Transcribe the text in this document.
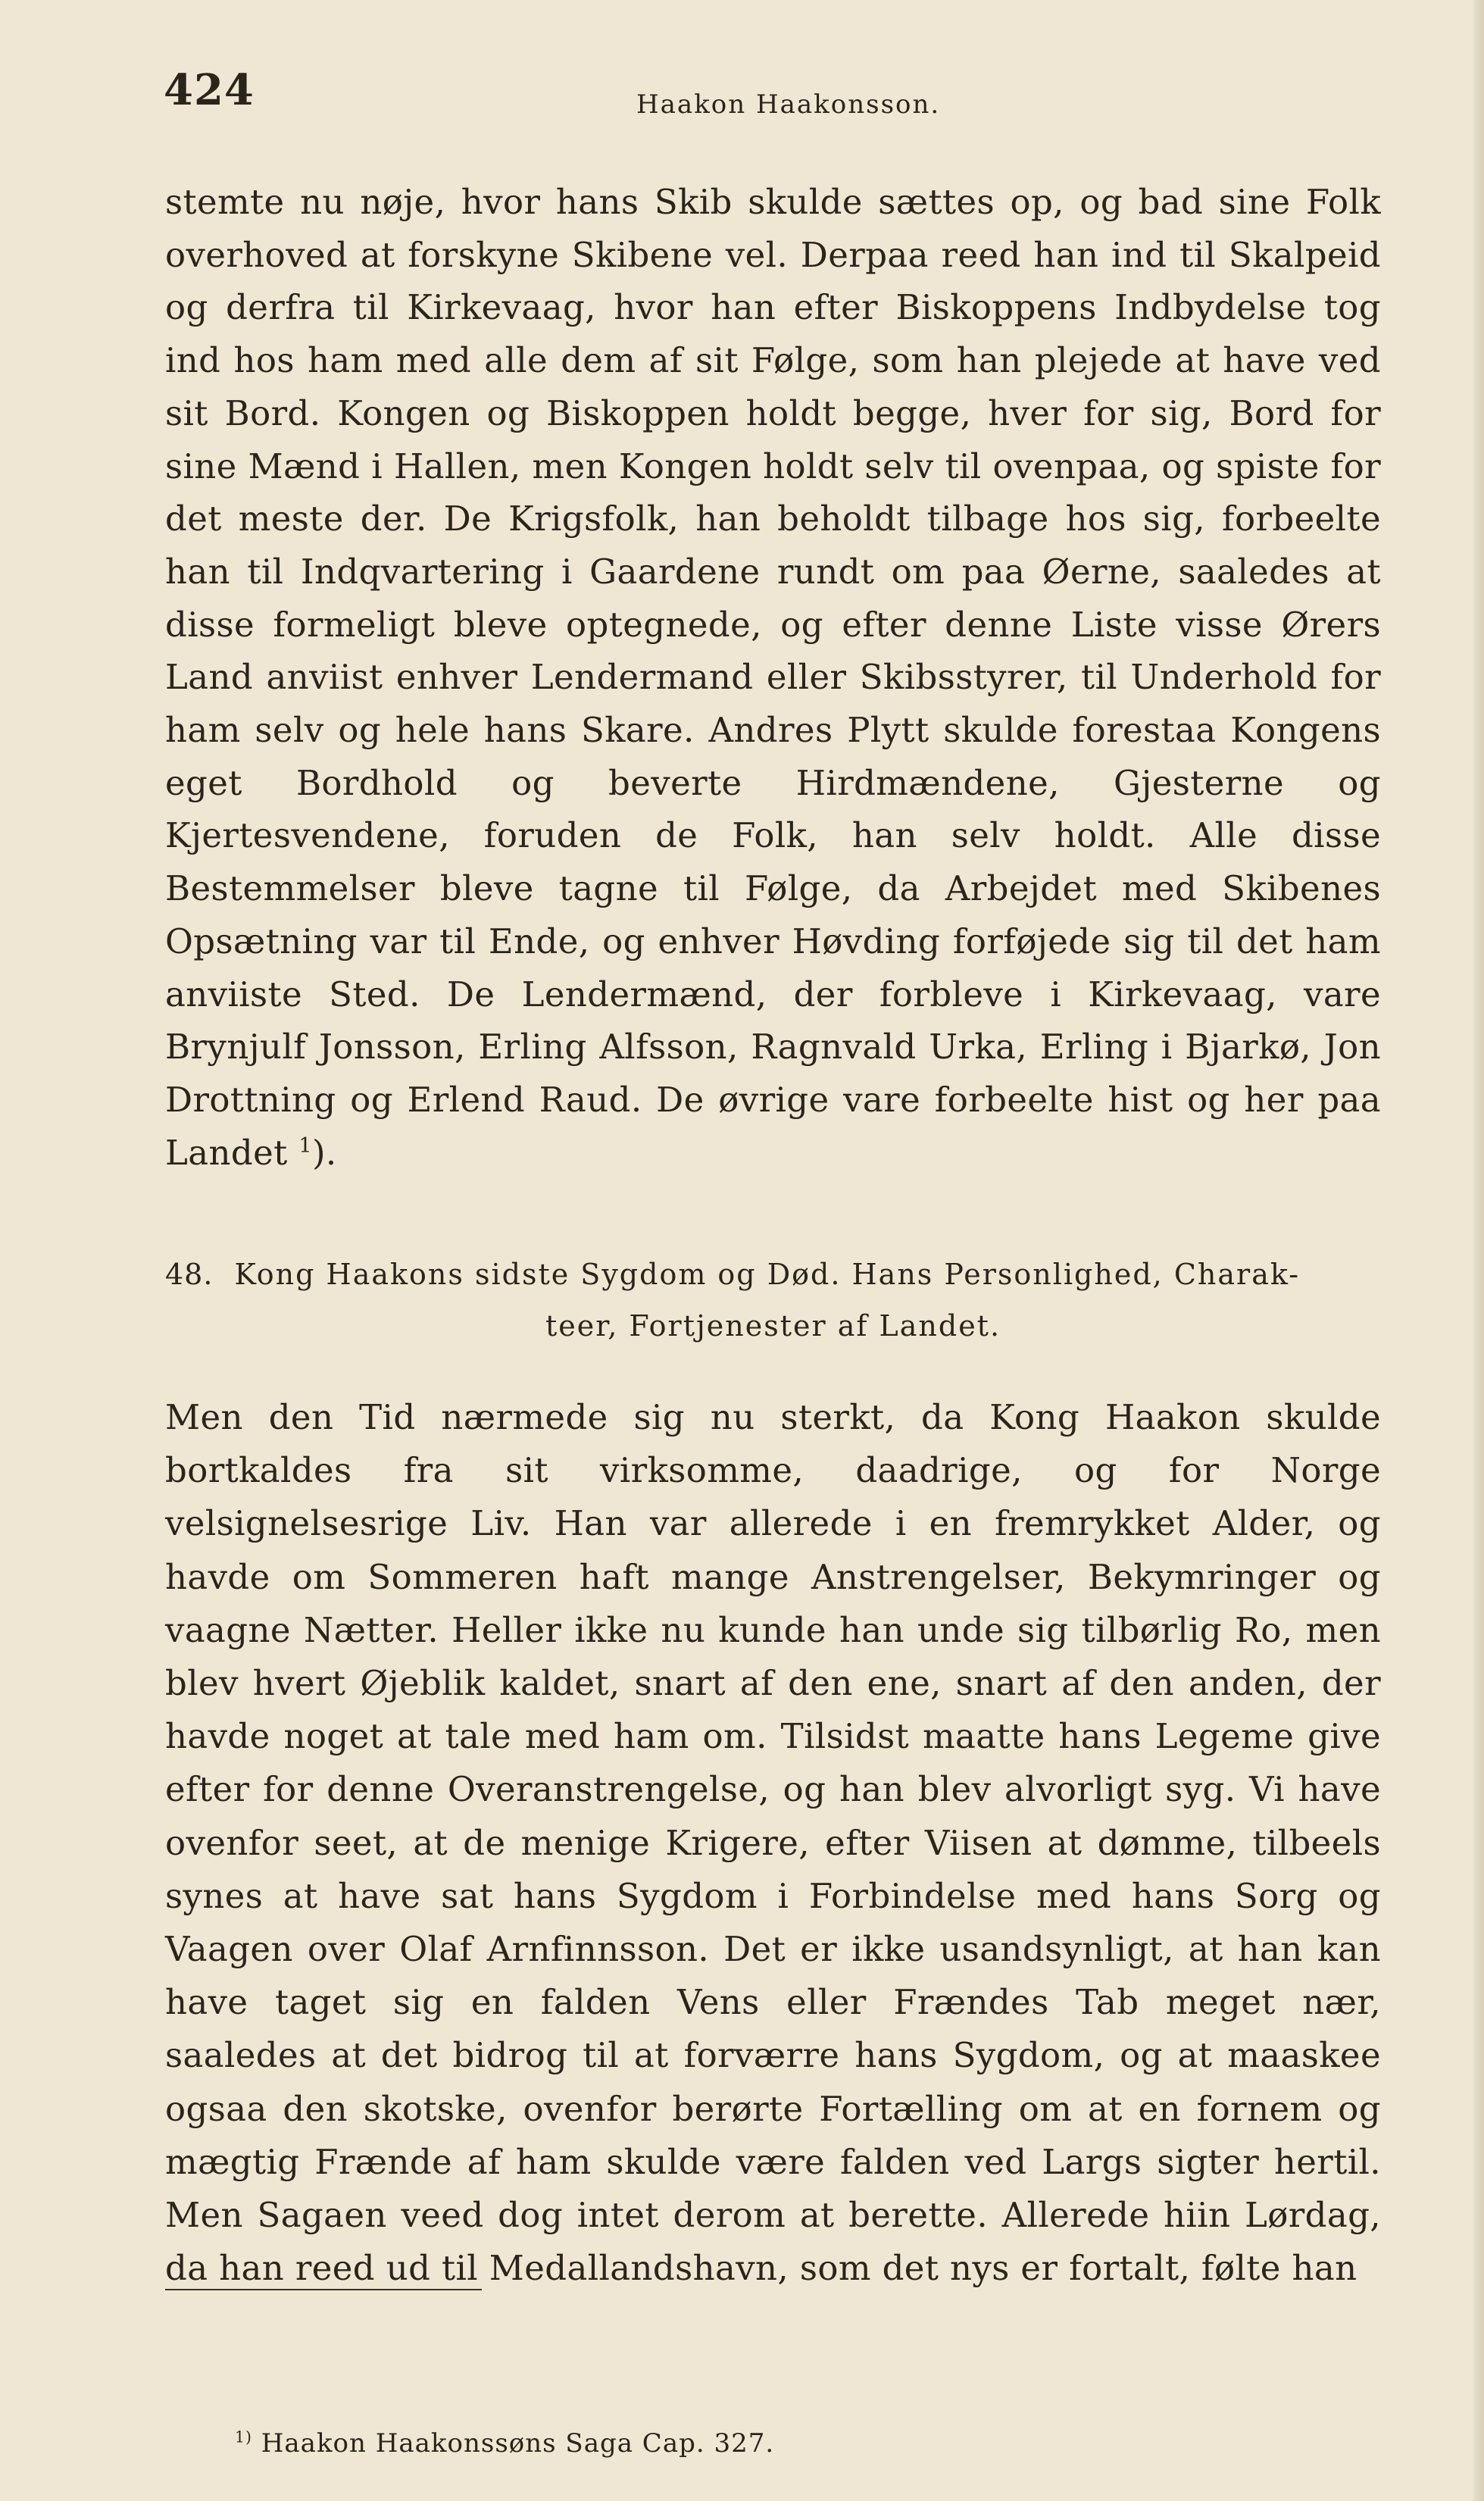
424	Haakon Haakonsson.
stemte nu nøje, hvor hans Skib skulde sættes op, og bad sine Folk overhoved at forskyne Skibene vel. Derpaa reed han ind til Skalpeid og derfra til Kirkevaag, hvor han efter Biskoppens Indbydelse tog ind hos ham med alle dem af sit Følge, som han plejede at have ved sit Bord. Kongen og Biskoppen holdt begge, hver for sig, Bord for sine Mænd i Hallen, men Kongen holdt selv til ovenpaa, og spiste for det meste der. De Krigsfolk, han beholdt tilbage hos sig, forbeelte han til Indqvartering i Gaardene rundt om paa Øerne, saaledes at disse formeligt bleve optegnede, og efter denne Liste visse Ørers Land anviist enhver Lendermand eller Skibsstyrer, til Underhold for ham selv og hele hans Skare. Andres Plytt skulde forestaa Kongens eget Bordhold og beverte Hirdmændene, Gjesterne og Kjertesvendene, foruden de Folk, han selv holdt. Alle disse Bestemmelser bleve tagne til Følge, da Arbejdet med Skibenes Opsætning var til Ende, og enhver Høvding forføjede sig til det ham anviiste Sted. De Lendermænd, der forbleve i Kirkevaag, vare Brynjulf Jonsson, Erling Alfsson, Ragnvald Urka, Erling i Bjarkø, Jon Drottning og Erlend Raud. De øvrige vare forbeelte hist og her paa Landet $^1$).
48. Kong Haakons sidste Sygdom og Død. Hans Personlighed, Charak-
teer, Fortjenester af Landet.
Men den Tid nærmede sig nu sterkt, da Kong Haakon skulde bortkaldes fra sit virksomme, daadrige, og for Norge velsignelsesrige Liv. Han var allerede i en fremrykket Alder, og havde om Sommeren haft mange Anstrengelser, Bekymringer og vaagne Nætter. Heller ikke nu kunde han unde sig tilbørlig Ro, men blev hvert Øjeblik kaldet, snart af den ene, snart af den anden, der havde noget at tale med ham om. Tilsidst maatte hans Legeme give efter for denne Overanstrengelse, og han blev alvorligt syg. Vi have ovenfor seet, at de menige Krigere, efter Viisen at dømme, tilbeels synes at have sat hans Sygdom i Forbindelse med hans Sorg og Vaagen over Olaf Arnfinnsson. Det er ikke usandsynligt, at han kan have taget sig en falden Vens eller Frændes Tab meget nær, saaledes at det bidrog til at forværre hans Sygdom, og at maaskee ogsaa den skotske, ovenfor berørte Fortælling om at en fornem og mægtig Frænde af ham skulde være falden ved Largs sigter hertil. Men Sagaen veed dog intet derom at berette. Allerede hiin Lørdag, da han reed ud til Medallandshavn, som det nys er fortalt, følte han
$^{1)}$ Haakon Haakonssøns Saga Cap. 327.
